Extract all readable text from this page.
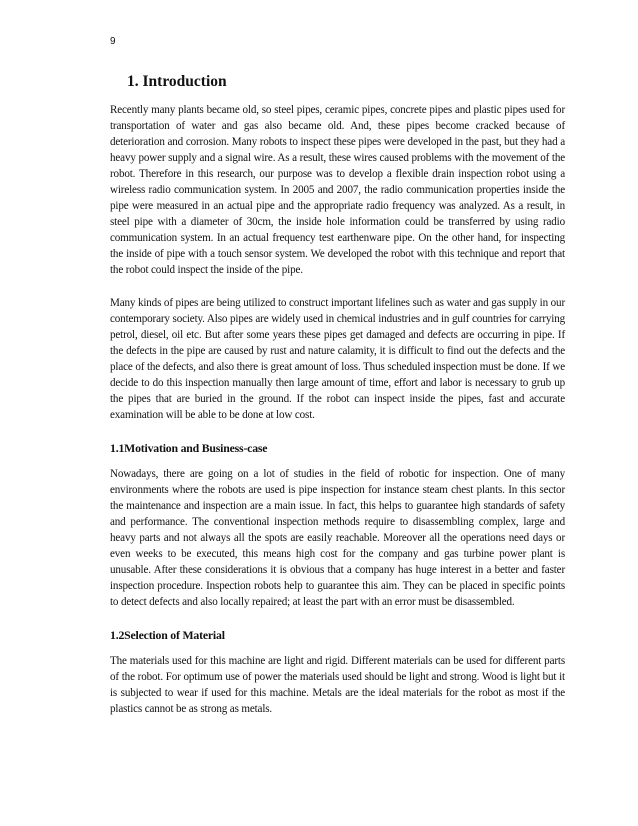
9
1. Introduction

Recently many plants became old, so steel pipes, ceramic pipes, concrete pipes and plastic pipes used for transportation of water and gas also became old. And, these pipes become cracked because of deterioration and corrosion. Many robots to inspect these pipes were developed in the past, but they had a heavy power supply and a signal wire. As a result, these wires caused problems with the movement of the robot. Therefore in this research, our purpose was to develop a flexible drain inspection robot using a wireless radio communication system. In 2005 and 2007, the radio communication properties inside the pipe were measured in an actual pipe and the appropriate radio frequency was analyzed. As a result, in steel pipe with a diameter of 30cm, the inside hole information could be transferred by using radio communication system. In an actual frequency test earthenware pipe. On the other hand, for inspecting the inside of pipe with a touch sensor system. We developed the robot with this technique and report that the robot could inspect the inside of the pipe.

Many kinds of pipes are being utilized to construct important lifelines such as water and gas supply in our contemporary society. Also pipes are widely used in chemical industries and in gulf countries for carrying petrol, diesel, oil etc. But after some years these pipes get damaged and defects are occurring in pipe. If the defects in the pipe are caused by rust and nature calamity, it is difficult to find out the defects and the place of the defects, and also there is great amount of loss. Thus scheduled inspection must be done. If we decide to do this inspection manually then large amount of time, effort and labor is necessary to grub up the pipes that are buried in the ground. If the robot can inspect inside the pipes, fast and accurate examination will be able to be done at low cost.

1.1Motivation and Business-case

Nowadays, there are going on a lot of studies in the field of robotic for inspection. One of many environments where the robots are used is pipe inspection for instance steam chest plants. In this sector the maintenance and inspection are a main issue. In fact, this helps to guarantee high standards of safety and performance. The conventional inspection methods require to disassembling complex, large and heavy parts and not always all the spots are easily reachable. Moreover all the operations need days or even weeks to be executed, this means high cost for the company and gas turbine power plant is unusable. After these considerations it is obvious that a company has huge interest in a better and faster inspection procedure. Inspection robots help to guarantee this aim. They can be placed in specific points to detect defects and also locally repaired; at least the part with an error must be disassembled.

1.2Selection of Material

The materials used for this machine are light and rigid. Different materials can be used for different parts of the robot. For optimum use of power the materials used should be light and strong. Wood is light but it is subjected to wear if used for this machine. Metals are the ideal materials for the robot as most if the plastics cannot be as strong as metals.
